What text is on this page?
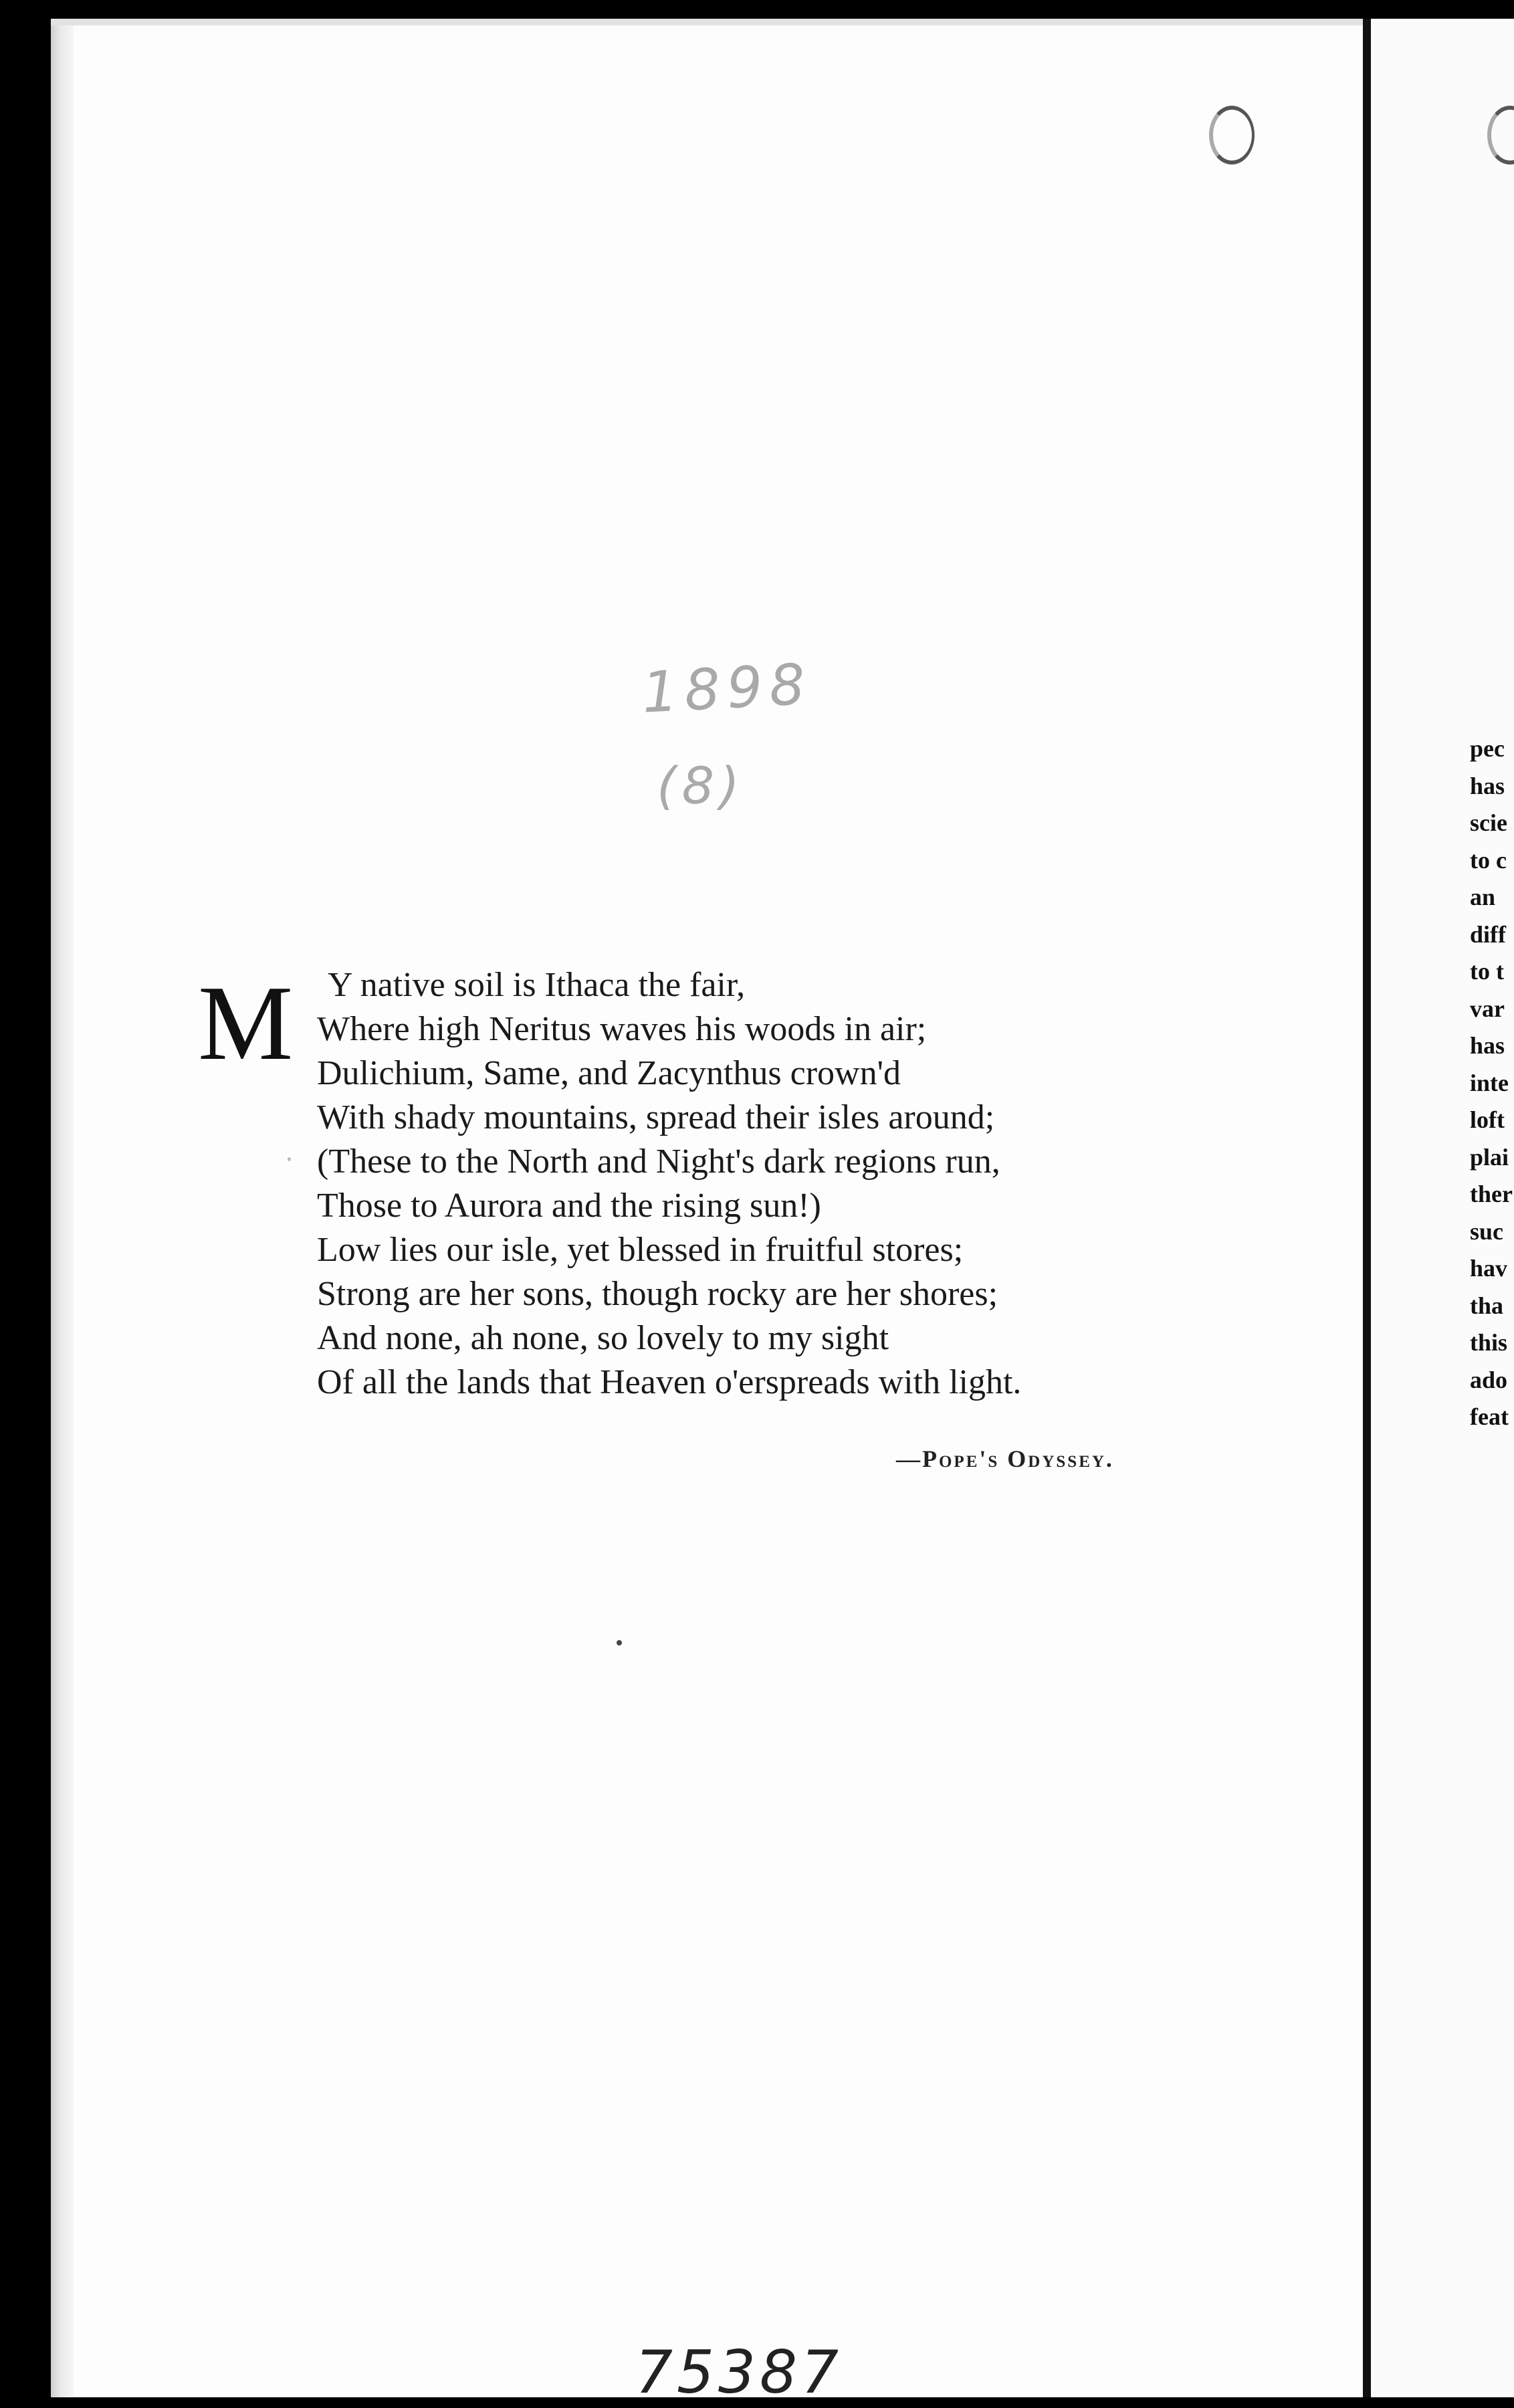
1898
(8)
M Y native soil is Ithaca the fair,
Where high Neritus waves his woods in air;
Dulichium, Same, and Zacynthus crown'd
With shady mountains, spread their isles around;
(These to the North and Night's dark regions run,
Those to Aurora and the rising sun!)
Low lies our isle, yet blessed in fruitful stores;
Strong are her sons, though rocky are her shores;
And none, ah none, so lovely to my sight
Of all the lands that Heaven o'erspreads with light.
—Pope's Odyssey.
pec
has
scie
to c
an
diff
to t
var
has
inte
loft
plai
ther
suc
hav
tha
this
ado
feat
75387
